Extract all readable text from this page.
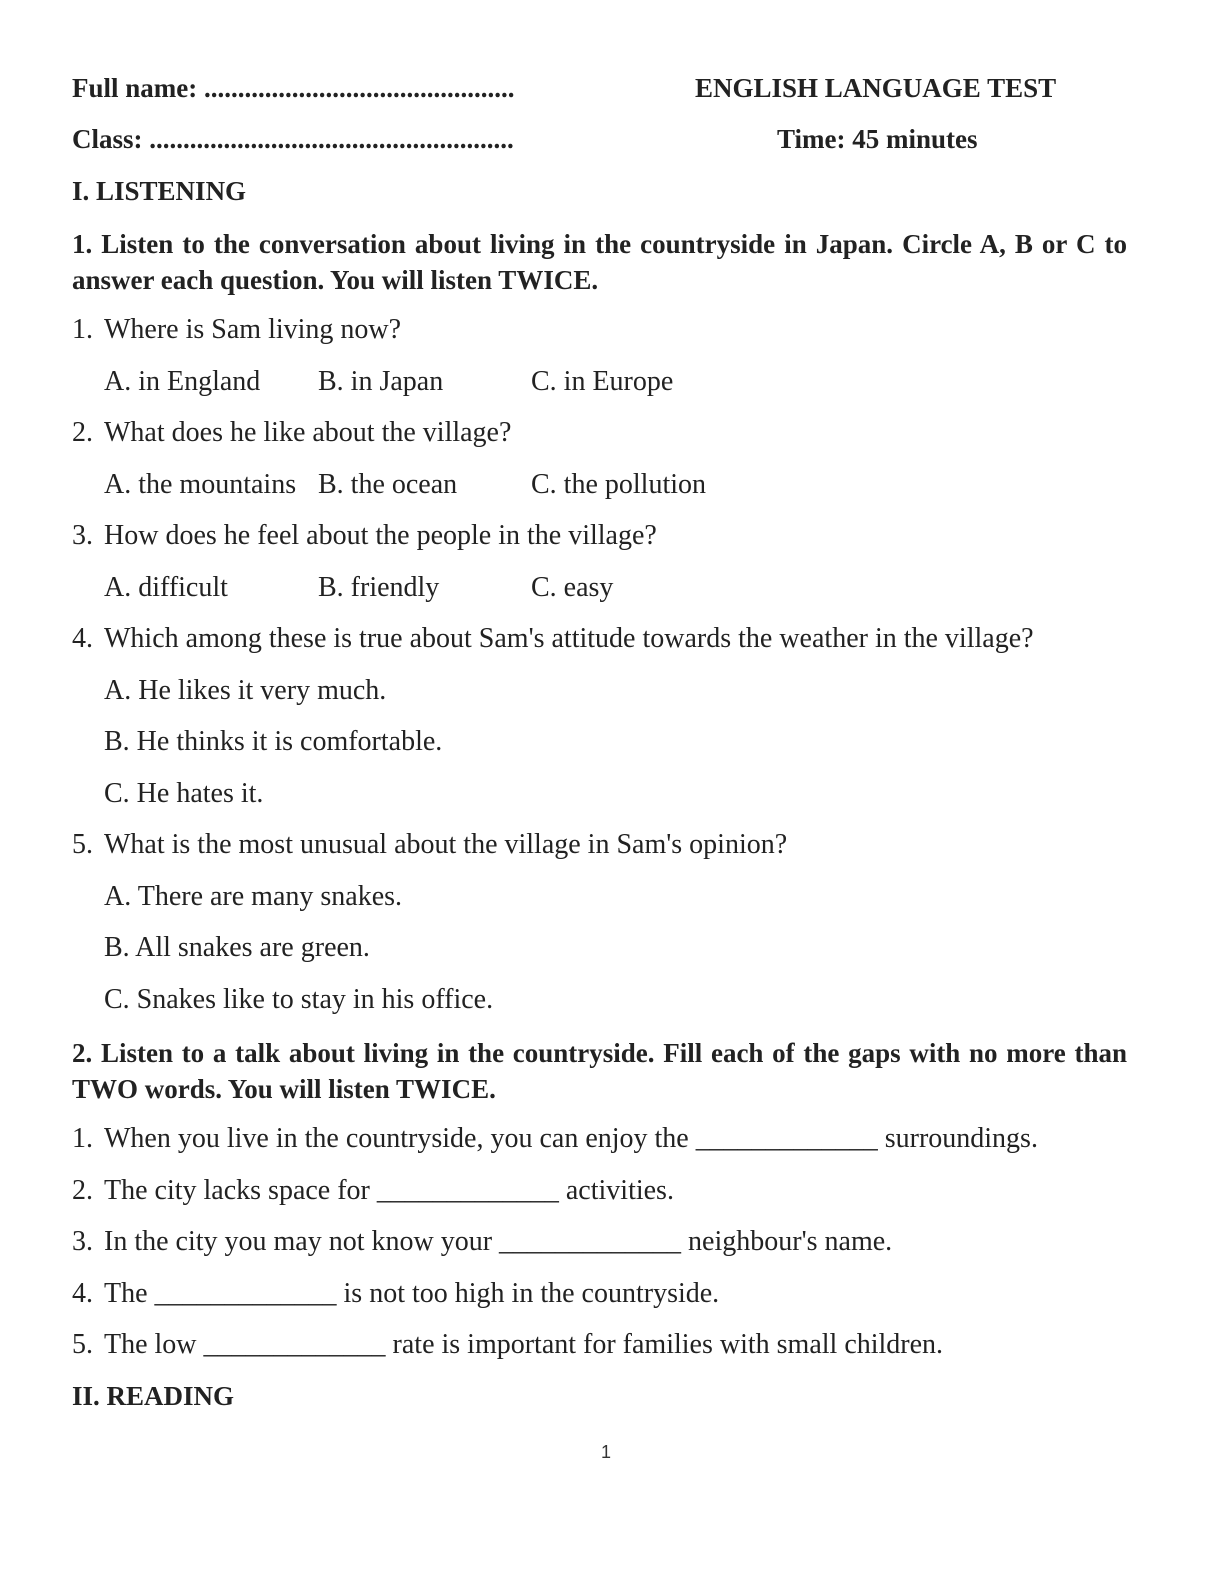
Full name: ..............................................	ENGLISH LANGUAGE TEST
Class: ......................................................	Time: 45 minutes
I. LISTENING
1. Listen to the conversation about living in the countryside in Japan. Circle A, B or C to answer each question. You will listen TWICE.
1. Where is Sam living now?
A. in England B. in Japan	C. in Europe
2. What does he like about the village?
A. the mountains B. the ocean	C. the pollution
3. How does he feel about the people in the village?
A. difficult	B. friendly	C. easy
4. Which among these is true about Sam's attitude towards the weather in the village?
A. He likes it very much.
B. He thinks it is comfortable.
C. He hates it.
5. What is the most unusual about the village in Sam's opinion?
A. There are many snakes.
B. All snakes are green.
C. Snakes like to stay in his office.
2. Listen to a talk about living in the countryside. Fill each of the gaps with no more than TWO words. You will listen TWICE.
1. When you live in the countryside, you can enjoy the _____________ surroundings.
2. The city lacks space for _____________ activities.
3. In the city you may not know your _____________ neighbour's name.
4. The _____________ is not too high in the countryside.
5. The low _____________ rate is important for families with small children.
II. READING
1
